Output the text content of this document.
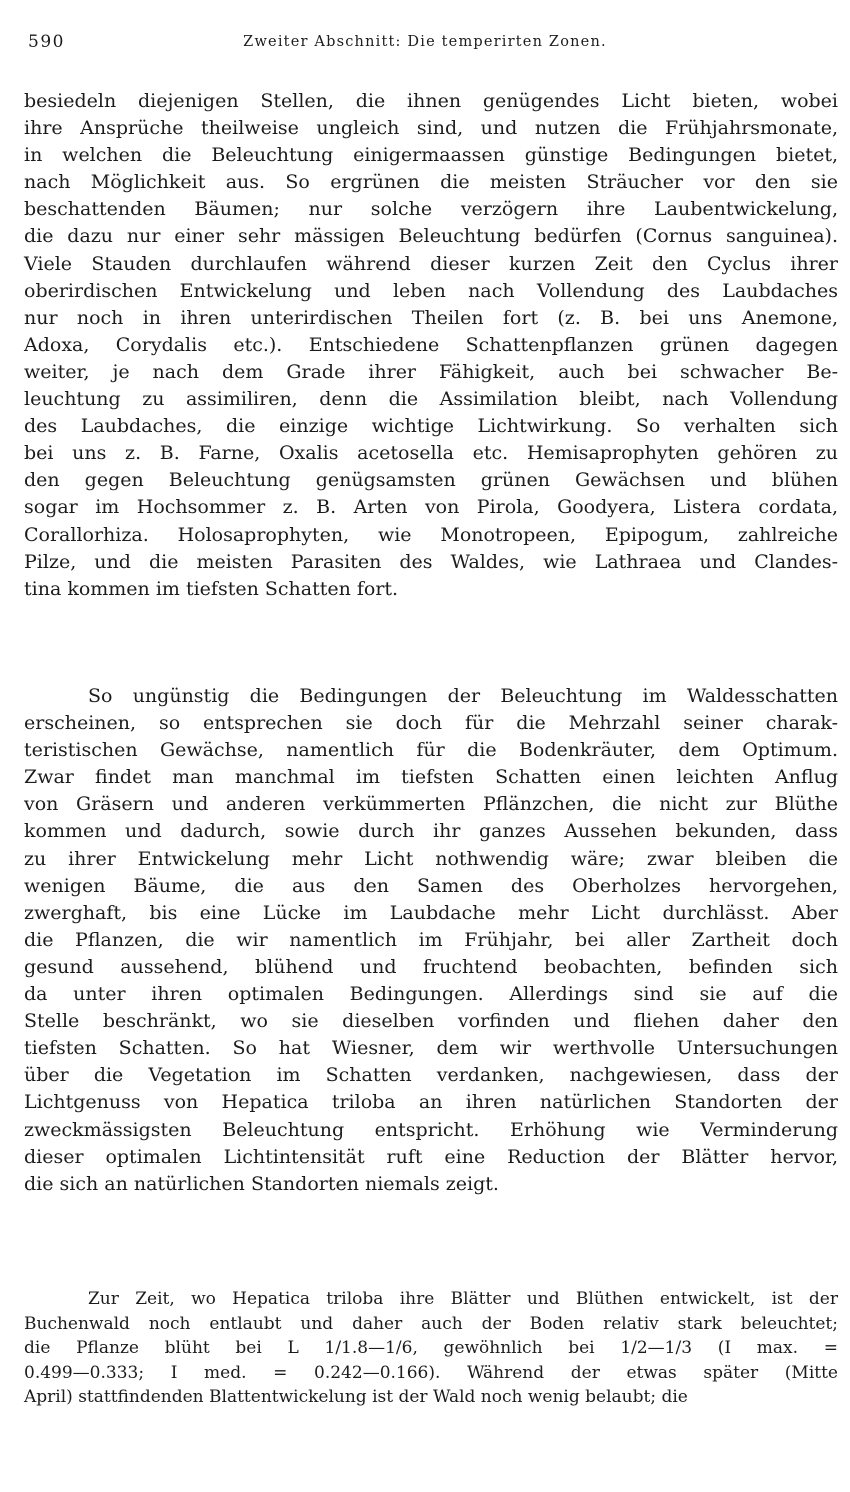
590	Zweiter Abschnitt: Die temperirten Zonen.
besiedeln diejenigen Stellen, die ihnen genügendes Licht bieten, wobei
ihre Ansprüche theilweise ungleich sind, und nutzen die Frühjahrsmonate,
in welchen die Beleuchtung einigermaassen günstige Bedingungen bietet,
nach Möglichkeit aus. So ergrünen die meisten Sträucher vor den sie
beschattenden Bäumen; nur solche verzögern ihre Laubentwickelung,
die dazu nur einer sehr mässigen Beleuchtung bedürfen (Cornus sanguinea).
Viele Stauden durchlaufen während dieser kurzen Zeit den Cyclus ihrer
oberirdischen Entwickelung und leben nach Vollendung des Laubdaches
nur noch in ihren unterirdischen Theilen fort (z. B. bei uns Anemone,
Adoxa, Corydalis etc.). Entschiedene Schattenpflanzen grünen dagegen
weiter, je nach dem Grade ihrer Fähigkeit, auch bei schwacher Be-
leuchtung zu assimiliren, denn die Assimilation bleibt, nach Vollendung
des Laubdaches, die einzige wichtige Lichtwirkung. So verhalten sich
bei uns z. B. Farne, Oxalis acetosella etc. Hemisaprophyten gehören zu
den gegen Beleuchtung genügsamsten grünen Gewächsen und blühen
sogar im Hochsommer z. B. Arten von Pirola, Goodyera, Listera cordata,
Corallorhiza. Holosaprophyten, wie Monotropeen, Epipogum, zahlreiche
Pilze, und die meisten Parasiten des Waldes, wie Lathraea und Clandes-
tina kommen im tiefsten Schatten fort.
So ungünstig die Bedingungen der Beleuchtung im Waldesschatten
erscheinen, so entsprechen sie doch für die Mehrzahl seiner charak-
teristischen Gewächse, namentlich für die Bodenkräuter, dem Optimum.
Zwar findet man manchmal im tiefsten Schatten einen leichten Anflug
von Gräsern und anderen verkümmerten Pflänzchen, die nicht zur Blüthe
kommen und dadurch, sowie durch ihr ganzes Aussehen bekunden, dass
zu ihrer Entwickelung mehr Licht nothwendig wäre; zwar bleiben die
wenigen Bäume, die aus den Samen des Oberholzes hervorgehen,
zwerghaft, bis eine Lücke im Laubdache mehr Licht durchlässt. Aber
die Pflanzen, die wir namentlich im Frühjahr, bei aller Zartheit doch
gesund aussehend, blühend und fruchtend beobachten, befinden sich
da unter ihren optimalen Bedingungen. Allerdings sind sie auf die
Stelle beschränkt, wo sie dieselben vorfinden und fliehen daher den
tiefsten Schatten. So hat Wiesner, dem wir werthvolle Untersuchungen
über die Vegetation im Schatten verdanken, nachgewiesen, dass der
Lichtgenuss von Hepatica triloba an ihren natürlichen Standorten der
zweckmässigsten Beleuchtung entspricht. Erhöhung wie Verminderung
dieser optimalen Lichtintensität ruft eine Reduction der Blätter hervor,
die sich an natürlichen Standorten niemals zeigt.
Zur Zeit, wo Hepatica triloba ihre Blätter und Blüthen entwickelt, ist der
Buchenwald noch entlaubt und daher auch der Boden relativ stark beleuchtet;
die Pflanze blüht bei L 1/1.8—1/6, gewöhnlich bei 1/2—1/3 (I max. =
0.499—0.333; I med. = 0.242—0.166). Während der etwas später (Mitte
April) stattfindenden Blattentwickelung ist der Wald noch wenig belaubt; die
